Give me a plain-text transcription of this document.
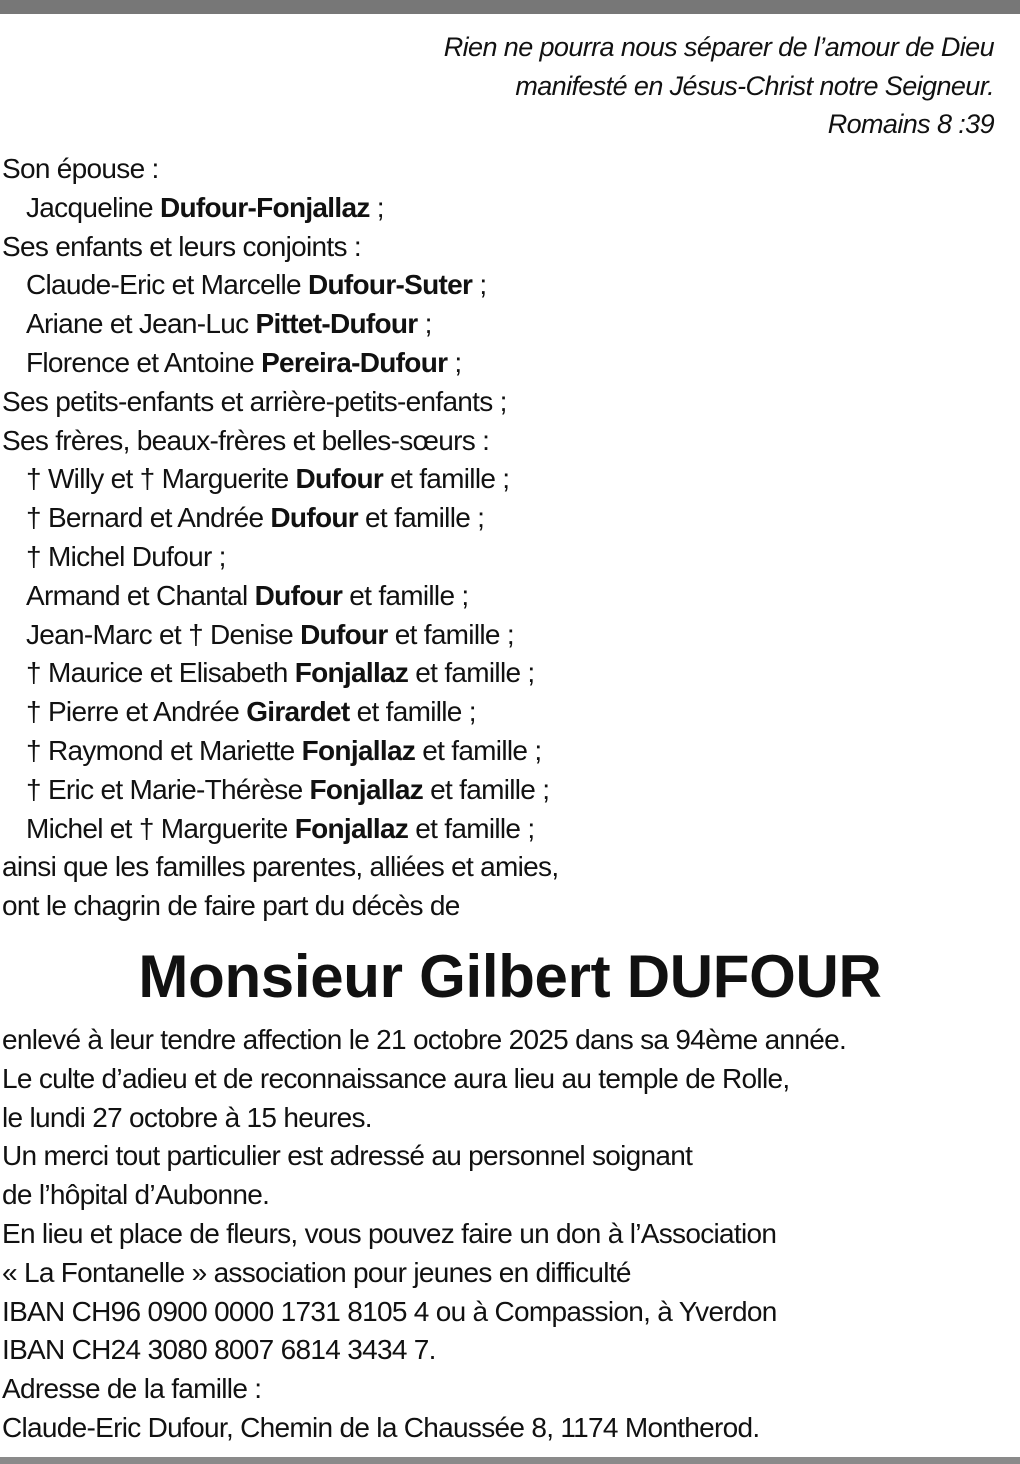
Rien ne pourra nous séparer de l’amour de Dieu
manifesté en Jésus-Christ notre Seigneur.
Romains 8 :39
Son épouse :
Jacqueline Dufour-Fonjallaz ;
Ses enfants et leurs conjoints :
Claude-Eric et Marcelle Dufour-Suter ;
Ariane et Jean-Luc Pittet-Dufour ;
Florence et Antoine Pereira-Dufour ;
Ses petits-enfants et arrière-petits-enfants ;
Ses frères, beaux-frères et belles-sœurs :
† Willy et † Marguerite Dufour et famille ;
† Bernard et Andrée Dufour et famille ;
† Michel Dufour ;
Armand et Chantal Dufour et famille ;
Jean-Marc et † Denise Dufour et famille ;
† Maurice et Elisabeth Fonjallaz et famille ;
† Pierre et Andrée Girardet et famille ;
† Raymond et Mariette Fonjallaz et famille ;
† Eric et Marie-Thérèse Fonjallaz et famille ;
Michel et † Marguerite Fonjallaz et famille ;
ainsi que les familles parentes, alliées et amies,
ont le chagrin de faire part du décès de
Monsieur Gilbert DUFOUR
enlevé à leur tendre affection le 21 octobre 2025 dans sa 94ème année.
Le culte d’adieu et de reconnaissance aura lieu au temple de Rolle,
le lundi 27 octobre à 15 heures.
Un merci tout particulier est adressé au personnel soignant
de l’hôpital d’Aubonne.
En lieu et place de fleurs, vous pouvez faire un don à l’Association
« La Fontanelle » association pour jeunes en difficulté
IBAN CH96 0900 0000 1731 8105 4 ou à Compassion, à Yverdon
IBAN CH24 3080 8007 6814 3434 7.
Adresse de la famille :
Claude-Eric Dufour, Chemin de la Chaussée 8, 1174 Montherod.
